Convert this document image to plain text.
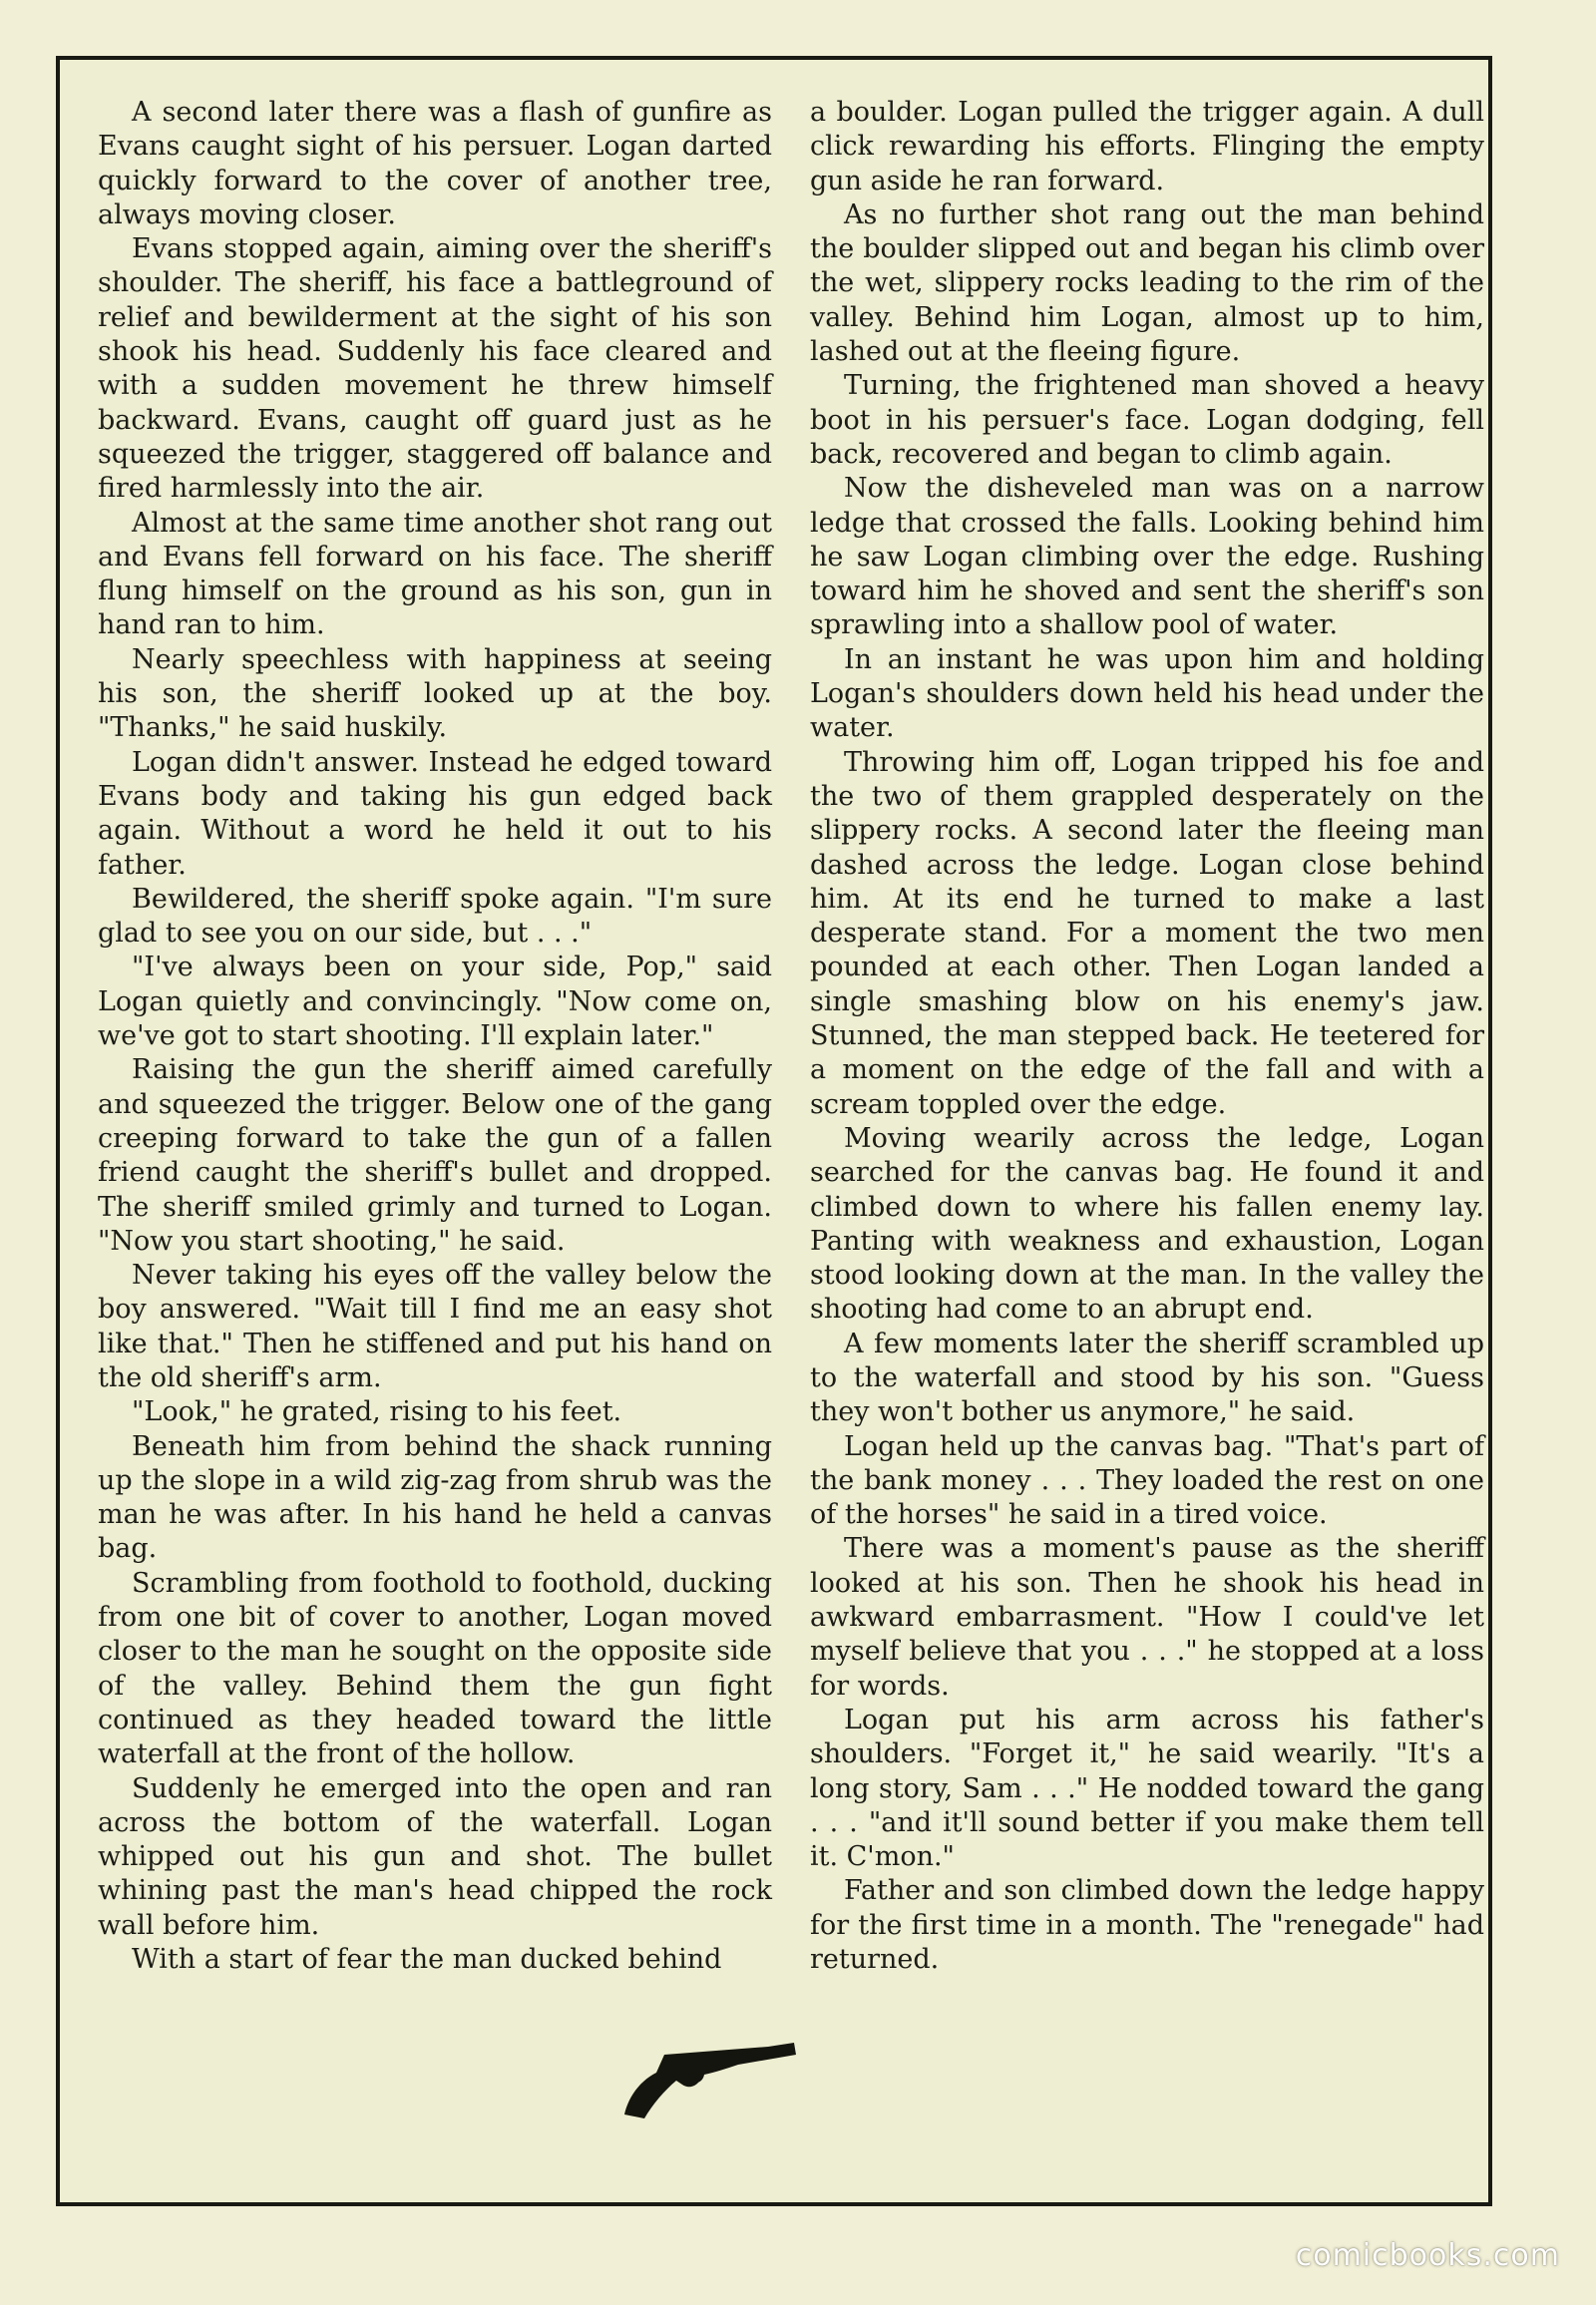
A second later there was a flash of gunfire as Evans caught sight of his persuer. Logan darted quickly forward to the cover of another tree, always moving closer.

Evans stopped again, aiming over the sheriff's shoulder. The sheriff, his face a battleground of relief and bewilderment at the sight of his son shook his head. Suddenly his face cleared and with a sudden movement he threw himself backward. Evans, caught off guard just as he squeezed the trigger, staggered off balance and fired harmlessly into the air.

Almost at the same time another shot rang out and Evans fell forward on his face. The sheriff flung himself on the ground as his son, gun in hand ran to him.

Nearly speechless with happiness at seeing his son, the sheriff looked up at the boy. "Thanks," he said huskily.

Logan didn't answer. Instead he edged toward Evans body and taking his gun edged back again. Without a word he held it out to his father.

Bewildered, the sheriff spoke again. "I'm sure glad to see you on our side, but . . ."

"I've always been on your side, Pop," said Logan quietly and convincingly. "Now come on, we've got to start shooting. I'll explain later."

Raising the gun the sheriff aimed carefully and squeezed the trigger. Below one of the gang creeping forward to take the gun of a fallen friend caught the sheriff's bullet and dropped. The sheriff smiled grimly and turned to Logan. "Now you start shooting," he said.

Never taking his eyes off the valley below the boy answered. "Wait till I find me an easy shot like that." Then he stiffened and put his hand on the old sheriff's arm.

"Look," he grated, rising to his feet.

Beneath him from behind the shack running up the slope in a wild zig-zag from shrub was the man he was after. In his hand he held a canvas bag.

Scrambling from foothold to foothold, ducking from one bit of cover to another, Logan moved closer to the man he sought on the opposite side of the valley. Behind them the gun fight continued as they headed toward the little waterfall at the front of the hollow.

Suddenly he emerged into the open and ran across the bottom of the waterfall. Logan whipped out his gun and shot. The bullet whining past the man's head chipped the rock wall before him.

With a start of fear the man ducked behind

a boulder. Logan pulled the trigger again. A dull click rewarding his efforts. Flinging the empty gun aside he ran forward.

As no further shot rang out the man behind the boulder slipped out and began his climb over the wet, slippery rocks leading to the rim of the valley. Behind him Logan, almost up to him, lashed out at the fleeing figure.

Turning, the frightened man shoved a heavy boot in his persuer's face. Logan dodging, fell back, recovered and began to climb again.

Now the disheveled man was on a narrow ledge that crossed the falls. Looking behind him he saw Logan climbing over the edge. Rushing toward him he shoved and sent the sheriff's son sprawling into a shallow pool of water.

In an instant he was upon him and holding Logan's shoulders down held his head under the water.

Throwing him off, Logan tripped his foe and the two of them grappled desperately on the slippery rocks. A second later the fleeing man dashed across the ledge. Logan close behind him. At its end he turned to make a last desperate stand. For a moment the two men pounded at each other. Then Logan landed a single smashing blow on his enemy's jaw. Stunned, the man stepped back. He teetered for a moment on the edge of the fall and with a scream toppled over the edge.

Moving wearily across the ledge, Logan searched for the canvas bag. He found it and climbed down to where his fallen enemy lay. Panting with weakness and exhaustion, Logan stood looking down at the man. In the valley the shooting had come to an abrupt end.

A few moments later the sheriff scrambled up to the waterfall and stood by his son. "Guess they won't bother us anymore," he said.

Logan held up the canvas bag. "That's part of the bank money . . . They loaded the rest on one of the horses" he said in a tired voice.

There was a moment's pause as the sheriff looked at his son. Then he shook his head in awkward embarrasment. "How I could've let myself believe that you . . ." he stopped at a loss for words.

Logan put his arm across his father's shoulders. "Forget it," he said wearily. "It's a long story, Sam . . ." He nodded toward the gang . . . "and it'll sound better if you make them tell it. C'mon."

Father and son climbed down the ledge happy for the first time in a month. The "renegade" had returned.

comicbooks.com
